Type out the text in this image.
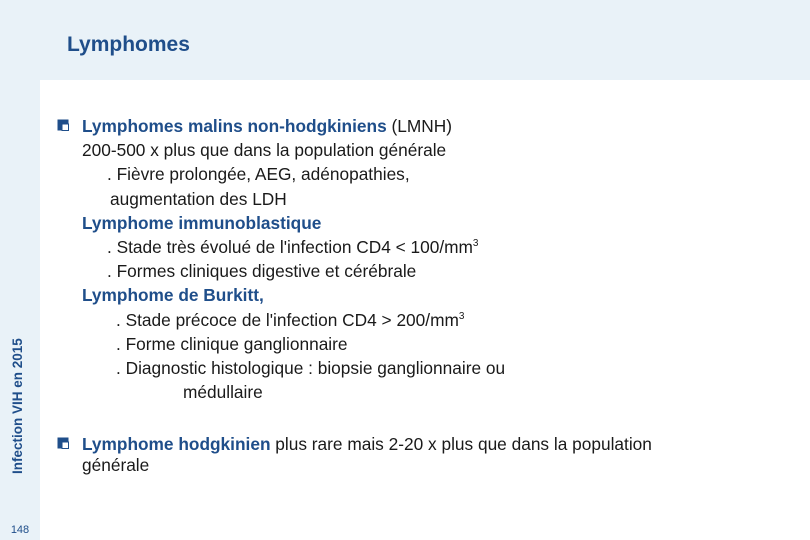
Infection VIH en 2015
148
Lymphomes
Lymphomes malins non-hodgkiniens (LMNH)
200-500 x plus que dans la population générale
. Fièvre prolongée, AEG, adénopathies,
augmentation des LDH
Lymphome immunoblastique
. Stade très évolué de l'infection $CD4 < 100/mm^3$
. Formes cliniques digestive et cérébrale
Lymphome de Burkitt,
. Stade précoce de l'infection $CD4 > 200/mm^3$
. Forme clinique ganglionnaire
. Diagnostic histologique : biopsie ganglionnaire ou
médullaire
Lymphome hodgkinien plus rare mais 2-20 x plus que dans la population
générale
